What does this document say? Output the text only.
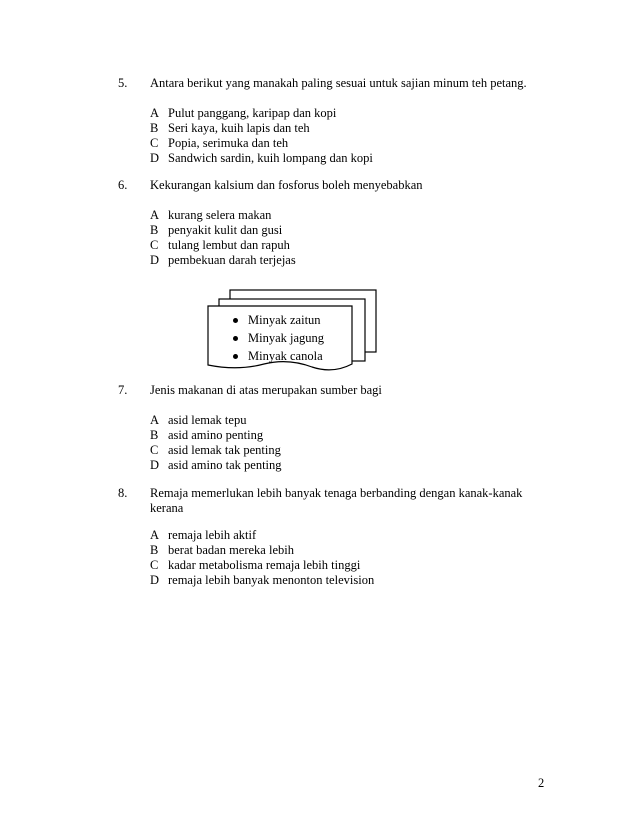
5. Antara berikut yang manakah paling sesuai untuk sajian minum teh petang.
A Pulut panggang, karipap dan kopi
B Seri kaya, kuih lapis dan teh
C Popia, serimuka dan teh
D Sandwich sardin, kuih lompang dan kopi
6. Kekurangan kalsium dan fosforus boleh menyebabkan
A kurang selera makan
B penyakit kulit dan gusi
C tulang lembut dan rapuh
D pembekuan darah terjejas
Minyak zaitun
Minyak jagung
Minyak canola
7. Jenis makanan di atas merupakan sumber bagi
A asid lemak tepu
B asid amino penting
C asid lemak tak penting
D asid amino tak penting
8. Remaja memerlukan lebih banyak tenaga berbanding dengan kanak-kanak
kerana
A remaja lebih aktif
B berat badan mereka lebih
C kadar metabolisma remaja lebih tinggi
D remaja lebih banyak menonton television
2
